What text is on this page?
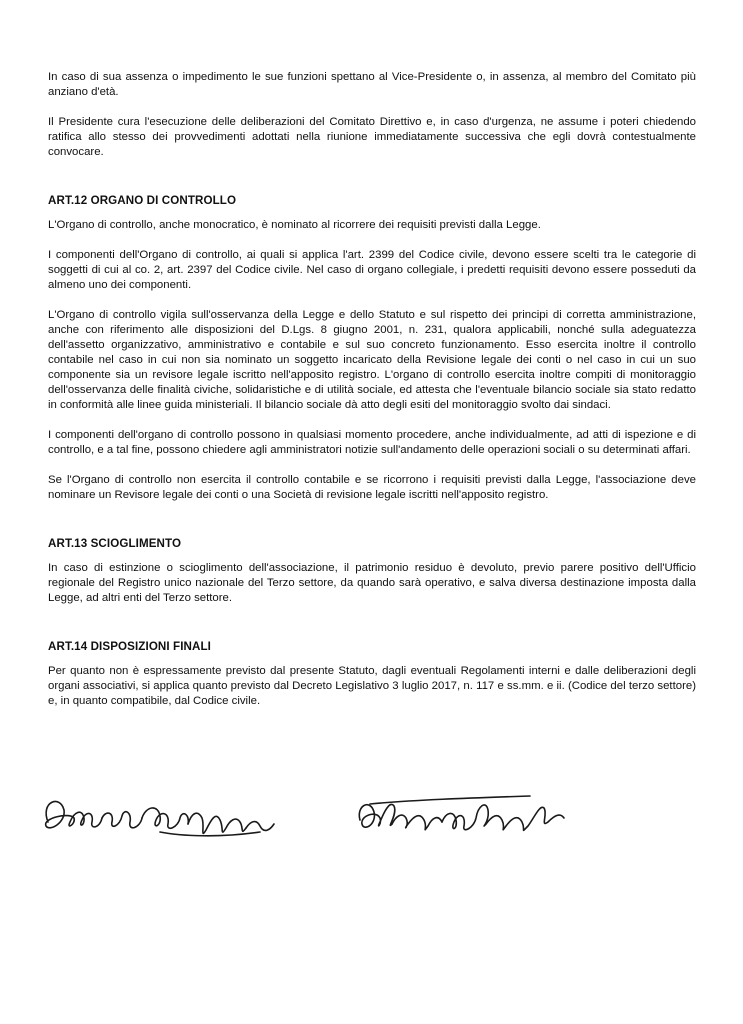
In caso di sua assenza o impedimento le sue funzioni spettano al Vice-Presidente o, in assenza, al membro del Comitato più anziano d'età.

Il Presidente cura l'esecuzione delle deliberazioni del Comitato Direttivo e, in caso d'urgenza, ne assume i poteri chiedendo ratifica allo stesso dei provvedimenti adottati nella riunione immediatamente successiva che egli dovrà contestualmente convocare.

ART.12 ORGANO DI CONTROLLO

L'Organo di controllo, anche monocratico, è nominato al ricorrere dei requisiti previsti dalla Legge.

I componenti dell'Organo di controllo, ai quali si applica l'art. 2399 del Codice civile, devono essere scelti tra le categorie di soggetti di cui al co. 2, art. 2397 del Codice civile. Nel caso di organo collegiale, i predetti requisiti devono essere posseduti da almeno uno dei componenti.

L'Organo di controllo vigila sull'osservanza della Legge e dello Statuto e sul rispetto dei principi di corretta amministrazione, anche con riferimento alle disposizioni del D.Lgs. 8 giugno 2001, n. 231, qualora applicabili, nonché sulla adeguatezza dell'assetto organizzativo, amministrativo e contabile e sul suo concreto funzionamento. Esso esercita inoltre il controllo contabile nel caso in cui non sia nominato un soggetto incaricato della Revisione legale dei conti o nel caso in cui un suo componente sia un revisore legale iscritto nell'apposito registro. L'organo di controllo esercita inoltre compiti di monitoraggio dell'osservanza delle finalità civiche, solidaristiche e di utilità sociale, ed attesta che l'eventuale bilancio sociale sia stato redatto in conformità alle linee guida ministeriali. Il bilancio sociale dà atto degli esiti del monitoraggio svolto dai sindaci.

I componenti dell'organo di controllo possono in qualsiasi momento procedere, anche individualmente, ad atti di ispezione e di controllo, e a tal fine, possono chiedere agli amministratori notizie sull'andamento delle operazioni sociali o su determinati affari.

Se l'Organo di controllo non esercita il controllo contabile e se ricorrono i requisiti previsti dalla Legge, l'associazione deve nominare un Revisore legale dei conti o una Società di revisione legale iscritti nell'apposito registro.

ART.13 SCIOGLIMENTO

In caso di estinzione o scioglimento dell'associazione, il patrimonio residuo è devoluto, previo parere positivo dell'Ufficio regionale del Registro unico nazionale del Terzo settore, da quando sarà operativo, e salva diversa destinazione imposta dalla Legge, ad altri enti del Terzo settore.

ART.14 DISPOSIZIONI FINALI

Per quanto non è espressamente previsto dal presente Statuto, dagli eventuali Regolamenti interni e dalle deliberazioni degli organi associativi, si applica quanto previsto dal Decreto Legislativo 3 luglio 2017, n. 117 e ss.mm. e ii. (Codice del terzo settore) e, in quanto compatibile, dal Codice civile.
